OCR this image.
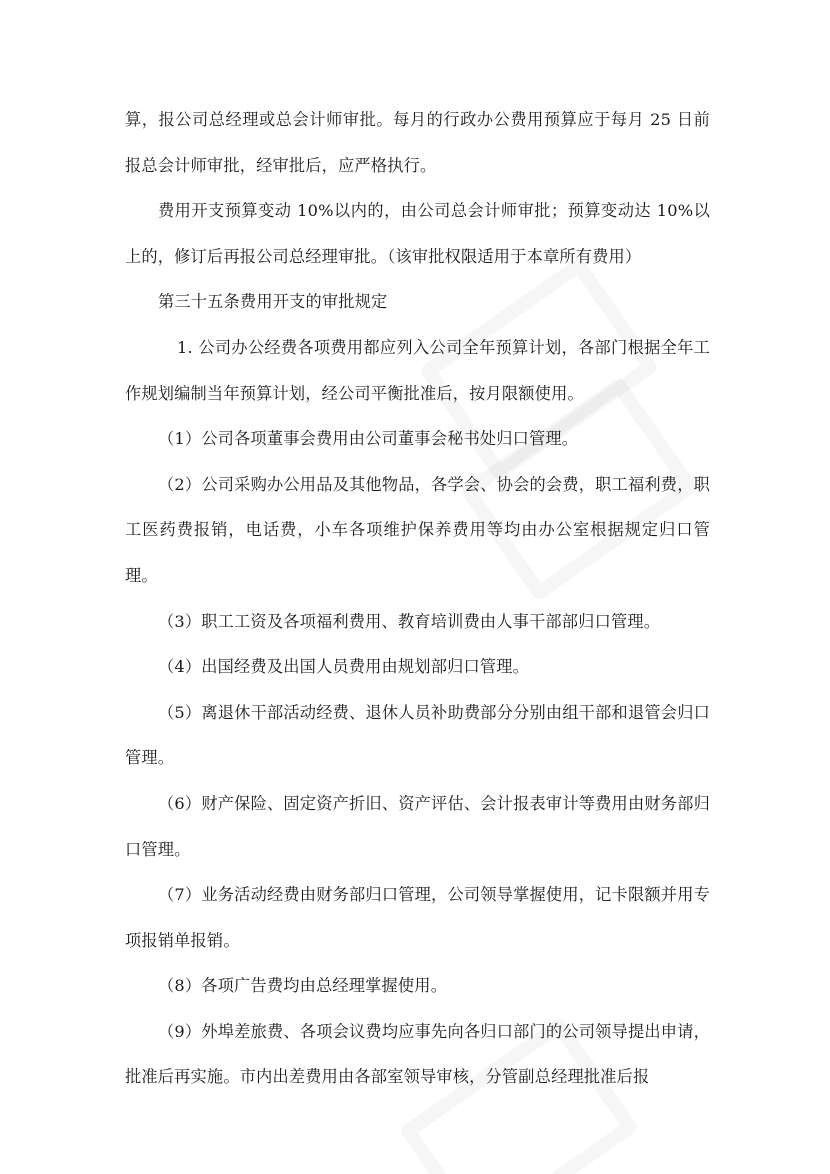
算，报公司总经理或总会计师审批。每月的行政办公费用预算应于每月 25 日前报总会计师审批，经审批后，应严格执行。

费用开支预算变动 10%以内的，由公司总会计师审批；预算变动达 10%以上的，修订后再报公司总经理审批。（该审批权限适用于本章所有费用）

第三十五条费用开支的审批规定

1. 公司办公经费各项费用都应列入公司全年预算计划，各部门根据全年工作规划编制当年预算计划，经公司平衡批准后，按月限额使用。

（1）公司各项董事会费用由公司董事会秘书处归口管理。

（2）公司采购办公用品及其他物品，各学会、协会的会费，职工福利费，职工医药费报销，电话费，小车各项维护保养费用等均由办公室根据规定归口管理。

（3）职工工资及各项福利费用、教育培训费由人事干部部归口管理。

（4）出国经费及出国人员费用由规划部归口管理。

（5）离退休干部活动经费、退休人员补助费部分分别由组干部和退管会归口管理。

（6）财产保险、固定资产折旧、资产评估、会计报表审计等费用由财务部归口管理。

（7）业务活动经费由财务部归口管理，公司领导掌握使用，记卡限额并用专项报销单报销。

（8）各项广告费均由总经理掌握使用。

（9）外埠差旅费、各项会议费均应事先向各归口部门的公司领导提出申请，批准后再实施。市内出差费用由各部室领导审核，分管副总经理批准后报
